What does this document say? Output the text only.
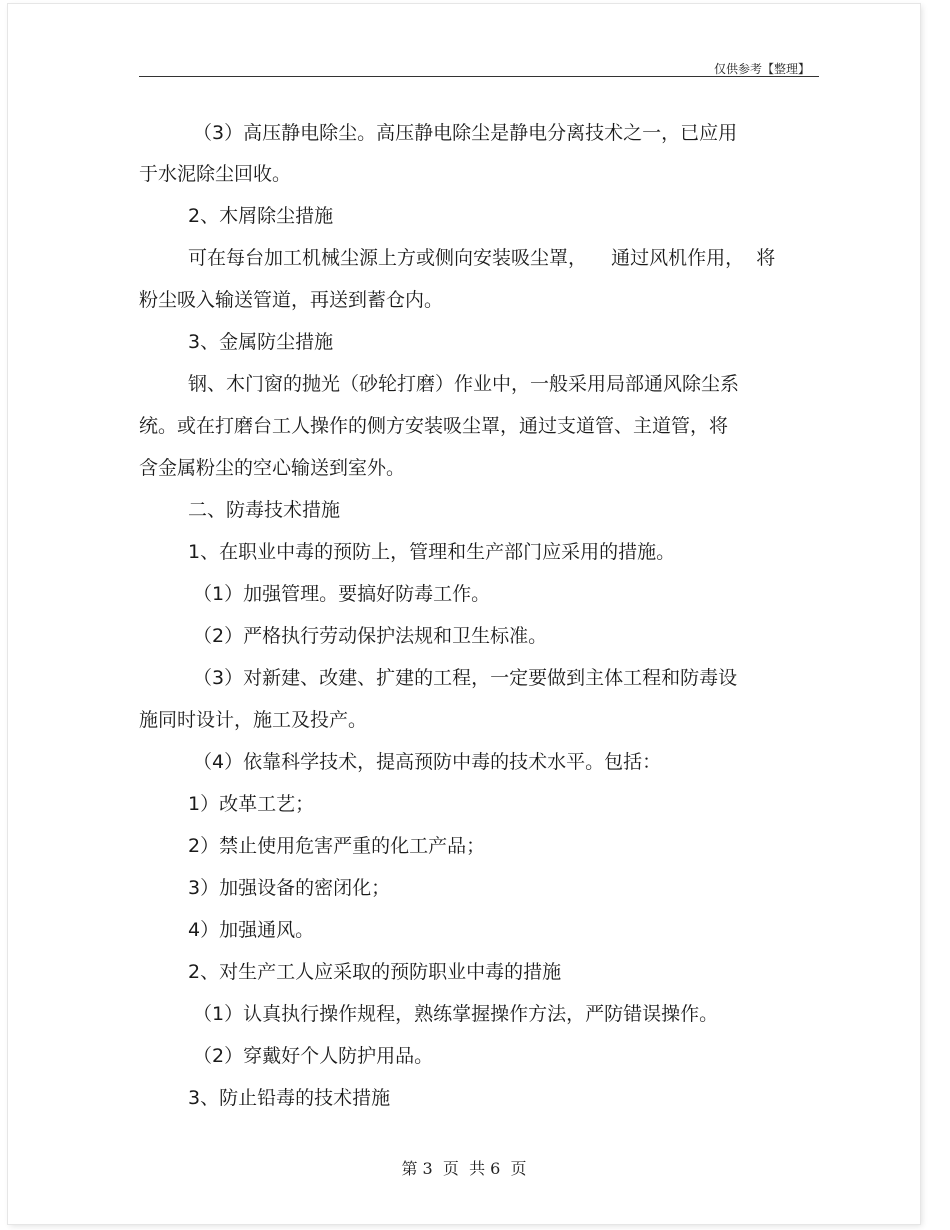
仅供参考【整理】
（3）高压静电除尘。高压静电除尘是静电分离技术之一，已应用
于水泥除尘回收。
2、木屑除尘措施
可在每台加工机械尘源上方或侧向安装吸尘罩，    通过风机作用，  将
粉尘吸入输送管道，再送到蓄仓内。
3、金属防尘措施
钢、木门窗的抛光（砂轮打磨）作业中，一般采用局部通风除尘系
统。或在打磨台工人操作的侧方安装吸尘罩，通过支道管、主道管，将
含金属粉尘的空心输送到室外。
二、防毒技术措施
1、在职业中毒的预防上，管理和生产部门应采用的措施。
（1）加强管理。要搞好防毒工作。
（2）严格执行劳动保护法规和卫生标准。
（3）对新建、改建、扩建的工程，一定要做到主体工程和防毒设
施同时设计，施工及投产。
（4）依靠科学技术，提高预防中毒的技术水平。包括：
1）改革工艺；
2）禁止使用危害严重的化工产品；
3）加强设备的密闭化；
4）加强通风。
2、对生产工人应采取的预防职业中毒的措施
（1）认真执行操作规程，熟练掌握操作方法，严防错误操作。
（2）穿戴好个人防护用品。
3、防止铅毒的技术措施
第 3  页  共 6  页
